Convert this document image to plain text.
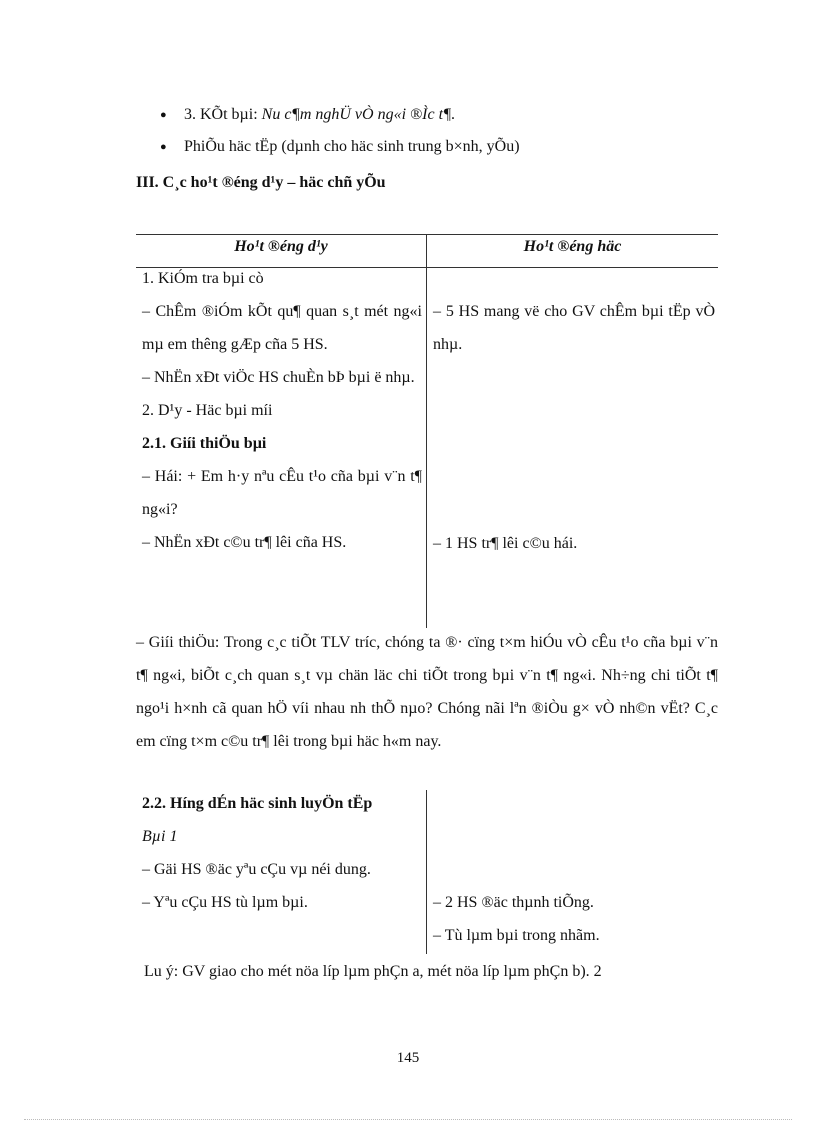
● 3. KÕt bµi: Nu c¶m nghÜ vÒ ng«i ®Ìc t¶.
● PhiÕu häc tËp (dµnh cho häc sinh trung b×nh, yÕu)
III. C¸c ho¹t ®éng d¹y – häc chñ yÕu
Ho¹t ®éng d¹y	Ho¹t ®éng häc

1. KiÓm tra bµi cò

– ChÊm ®iÓm kÕt qu¶ quan s¸t mét ng«i mµ em thêng gÆp cña 5 HS.

– NhËn xÐt viÖc HS chuÈn bÞ bµi ë nhµ.

2. D¹y - Häc bµi míi

2.1. Giíi thiÖu bµi

– Hái: + Em h·y nªu cÊu t¹o cña bµi v¨n t¶ ng«i?

– NhËn xÐt c©u tr¶ lêi cña HS.

– 5 HS mang vë cho GV chÊm bµi tËp vÒ nhµ.

– 1 HS tr¶ lêi c©u hái.

– Giíi thiÖu: Trong c¸c tiÕt TLV tríc, chóng ta ®· cïng t×m hiÓu vÒ cÊu t¹o cña bµi v¨n t¶ ng«i, biÕt c¸ch quan s¸t vµ chän läc chi tiÕt trong bµi v¨n t¶ ng«i. Nh÷ng chi tiÕt t¶ ngo¹i h×nh cã quan hÖ víi nhau nh thÕ nµo? Chóng nãi lªn ®iÒu g× vÒ nh©n vËt? C¸c em cïng t×m c©u tr¶ lêi trong bµi häc h«m nay.

2.2. Híng dÉn häc sinh luyÖn tËp

Bµi 1

– Gäi HS ®äc yªu cÇu vµ néi dung.

– Yªu cÇu HS tù lµm bµi.	– 2 HS ®äc thµnh tiÕng.

– Tù lµm bµi trong nhãm.

Lu ý: GV giao cho mét nöa líp lµm phÇn a, mét nöa líp lµm phÇn b). 2
145
